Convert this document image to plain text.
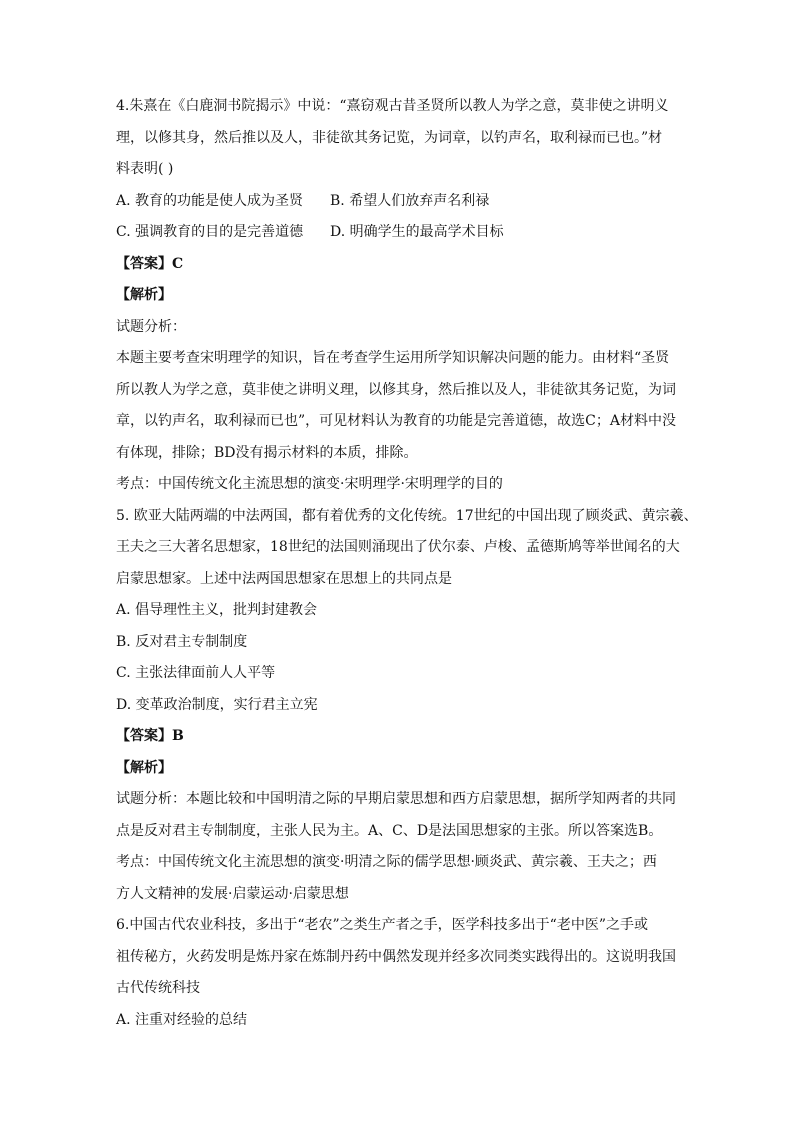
4.朱熹在《白鹿洞书院揭示》中说：“熹窃观古昔圣贤所以教人为学之意，莫非使之讲明义
理，以修其身，然后推以及人，非徒欲其务记览，为词章，以钓声名，取利禄而已也。”材
料表明( )
A. 教育的功能是使人成为圣贤	B. 希望人们放弃声名利禄
C. 强调教育的目的是完善道德	D. 明确学生的最高学术目标
【答案】C
【解析】
试题分析：
本题主要考查宋明理学的知识，旨在考查学生运用所学知识解决问题的能力。由材料“圣贤
所以教人为学之意，莫非使之讲明义理，以修其身，然后推以及人，非徒欲其务记览，为词
章，以钓声名，取利禄而已也”，可见材料认为教育的功能是完善道德，故选C；A材料中没
有体现，排除；BD没有揭示材料的本质，排除。
考点：中国传统文化主流思想的演变·宋明理学·宋明理学的目的
5. 欧亚大陆两端的中法两国，都有着优秀的文化传统。17世纪的中国出现了顾炎武、黄宗羲、
王夫之三大著名思想家，18世纪的法国则涌现出了伏尔泰、卢梭、孟德斯鸠等举世闻名的大
启蒙思想家。上述中法两国思想家在思想上的共同点是
A. 倡导理性主义，批判封建教会
B. 反对君主专制制度
C. 主张法律面前人人平等
D. 变革政治制度，实行君主立宪
【答案】B
【解析】
试题分析：本题比较和中国明清之际的早期启蒙思想和西方启蒙思想，据所学知两者的共同
点是反对君主专制制度，主张人民为主。A、C、D是法国思想家的主张。所以答案选B。
考点：中国传统文化主流思想的演变·明清之际的儒学思想·顾炎武、黄宗羲、王夫之；西
方人文精神的发展·启蒙运动·启蒙思想
6.中国古代农业科技，多出于“老农”之类生产者之手，医学科技多出于“老中医”之手或
祖传秘方，火药发明是炼丹家在炼制丹药中偶然发现并经多次同类实践得出的。这说明我国
古代传统科技
A. 注重对经验的总结
